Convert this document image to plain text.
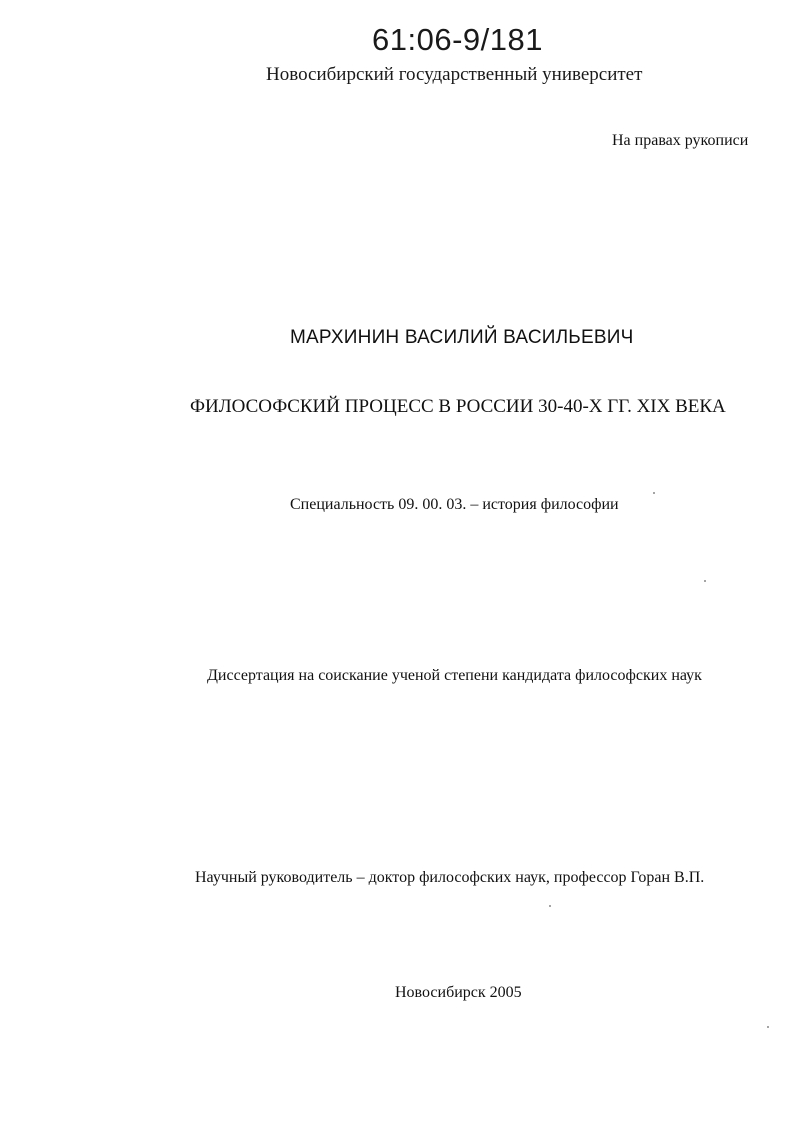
61:06-9/181
Новосибирский государственный университет
На правах рукописи
МАРХИНИН ВАСИЛИЙ ВАСИЛЬЕВИЧ
ФИЛОСОФСКИЙ ПРОЦЕСС В РОССИИ 30-40-Х ГГ. XIX ВЕКА
Специальность 09. 00. 03. – история философии
Диссертация на соискание ученой степени кандидата философских наук
Научный руководитель – доктор философских наук, профессор Горан В.П.
Новосибирск 2005
